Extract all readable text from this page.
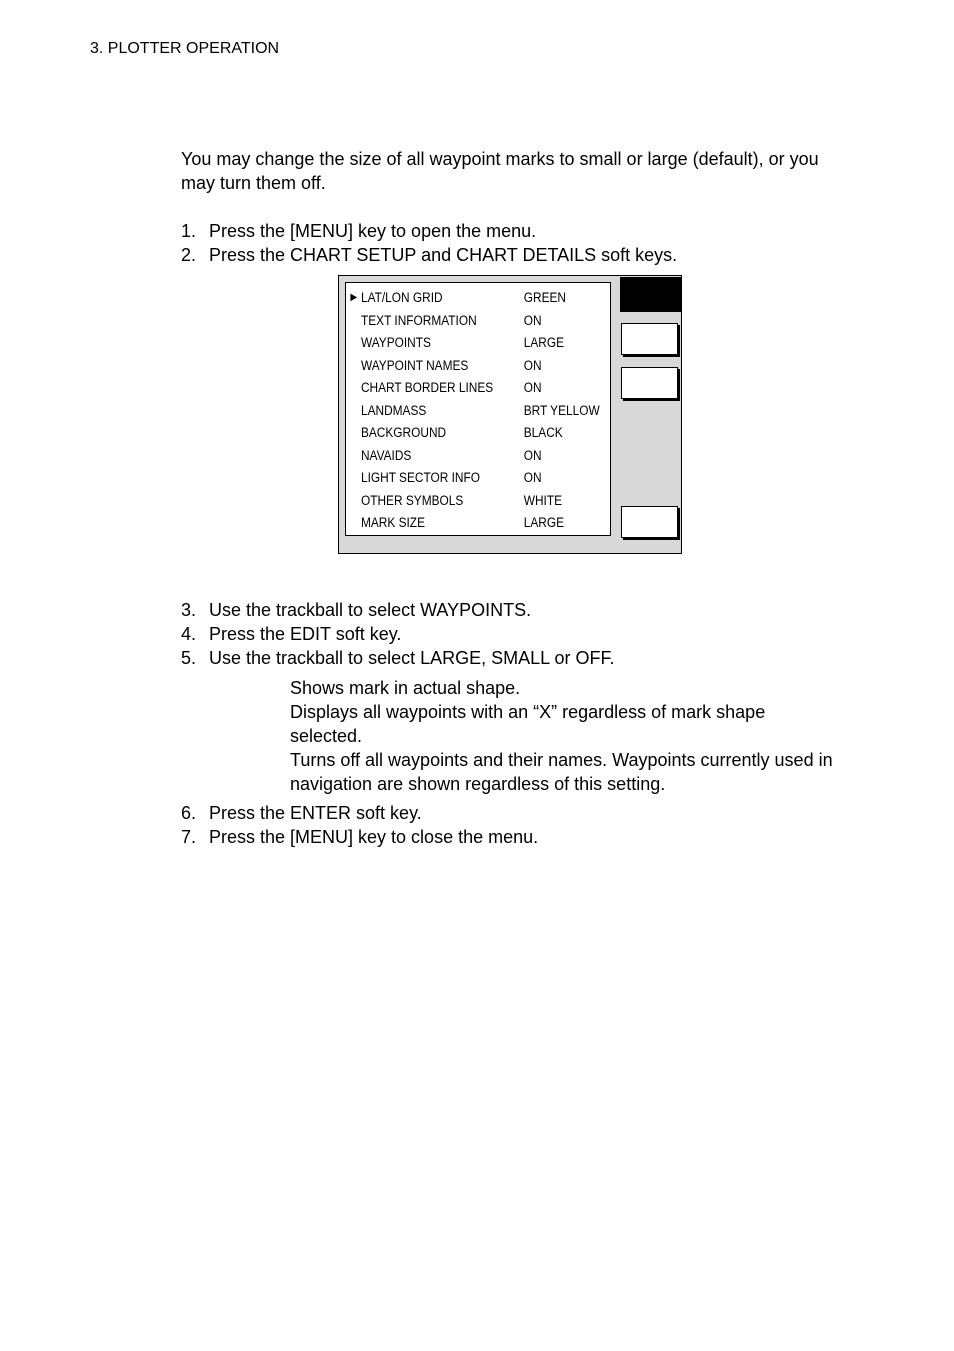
3. PLOTTER OPERATION

You may change the size of all waypoint marks to small or large (default), or you may turn them off.

1. Press the [MENU] key to open the menu.
2. Press the CHART SETUP and CHART DETAILS soft keys.
▶ LAT/LON GRID	GREEN
TEXT INFORMATION	ON
WAYPOINTS	LARGE
WAYPOINT NAMES	ON
CHART BORDER LINES ON
LANDMASS	BRT YELLOW
BACKGROUND	BLACK
NAVAIDS	ON
LIGHT SECTOR INFO	ON
OTHER SYMBOLS	WHITE
MARK SIZE	LARGE
3. Use the trackball to select WAYPOINTS.
4. Press the EDIT soft key.
5. Use the trackball to select LARGE, SMALL or OFF.

Shows mark in actual shape.

Displays all waypoints with an “X” regardless of mark shape selected.

Turns off all waypoints and their names. Waypoints currently used in navigation are shown regardless of this setting.

6. Press the ENTER soft key.
7. Press the [MENU] key to close the menu.
